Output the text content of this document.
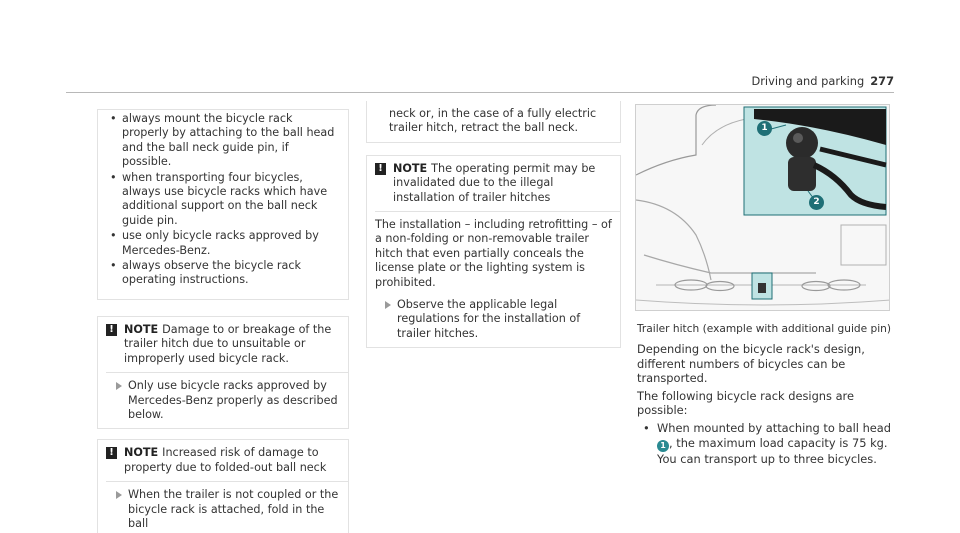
Driving and parking 277
• always mount the bicycle rack properly by attaching to the ball head and the ball neck guide pin, if possible.
• when transporting four bicycles, always use bicycle racks which have additional support on the ball neck guide pin.
• use only bicycle racks approved by Mercedes-Benz.
• always observe the bicycle rack operating instructions.
! NOTE Damage to or breakage of the trailer hitch due to unsuitable or improperly used bicycle rack.
Only use bicycle racks approved by Mercedes-Benz properly as described below.
! NOTE Increased risk of damage to property due to folded-out ball neck
When the trailer is not coupled or the bicycle rack is attached, fold in the ball
neck or, in the case of a fully electric trailer hitch, retract the ball neck.
! NOTE The operating permit may be invalidated due to the illegal installation of trailer hitches
The installation – including retrofitting – of a non-folding or non-removable trailer hitch that even partially conceals the license plate or the lighting system is prohibited.
Observe the applicable legal regulations for the installation of trailer hitches.
1
2
Trailer hitch (example with additional guide pin)
Depending on the bicycle rack's design, different numbers of bicycles can be transported.
The following bicycle rack designs are possible:
• When mounted by attaching to ball head 1 , the maximum load capacity is 75 kg. You can transport up to three bicycles.
